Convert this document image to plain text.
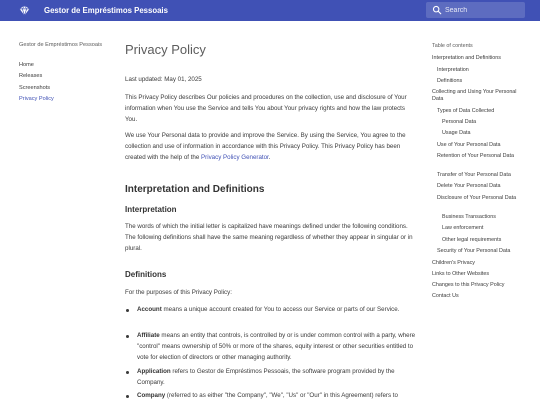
Gestor de Empréstimos Pessoais
Search
Gestor de Empréstimos Pessoais
Home
Releases
Screenshots
Privacy Policy
Privacy Policy

Last updated: May 01, 2025

This Privacy Policy describes Our policies and procedures on the collection, use and disclosure of Your information when You use the Service and tells You about Your privacy rights and how the law protects You.

We use Your Personal data to provide and improve the Service. By using the Service, You agree to the collection and use of information in accordance with this Privacy Policy. This Privacy Policy has been created with the help of the Privacy Policy Generator.

Interpretation and Definitions
Interpretation

The words of which the initial letter is capitalized have meanings defined under the following conditions. The following definitions shall have the same meaning regardless of whether they appear in singular or in plural.

Definitions

For the purposes of this Privacy Policy:

Account means a unique account created for You to access our Service or parts of our Service.

Affiliate means an entity that controls, is controlled by or is under common control with a party, where "control" means ownership of 50% or more of the shares, equity interest or other securities entitled to vote for election of directors or other managing authority.

Application refers to Gestor de Empréstimos Pessoais, the software program provided by the Company.

Company (referred to as either "the Company", "We", "Us" or "Our" in this Agreement) refers to

Table of contents
Interpretation and Definitions
Interpretation
Definitions
Collecting and Using Your Personal Data
Types of Data Collected
Personal Data
Usage Data
Use of Your Personal Data
Retention of Your Personal Data
Transfer of Your Personal Data
Delete Your Personal Data
Disclosure of Your Personal Data
Business Transactions
Law enforcement
Other legal requirements
Security of Your Personal Data
Children's Privacy
Links to Other Websites
Changes to this Privacy Policy
Contact Us
